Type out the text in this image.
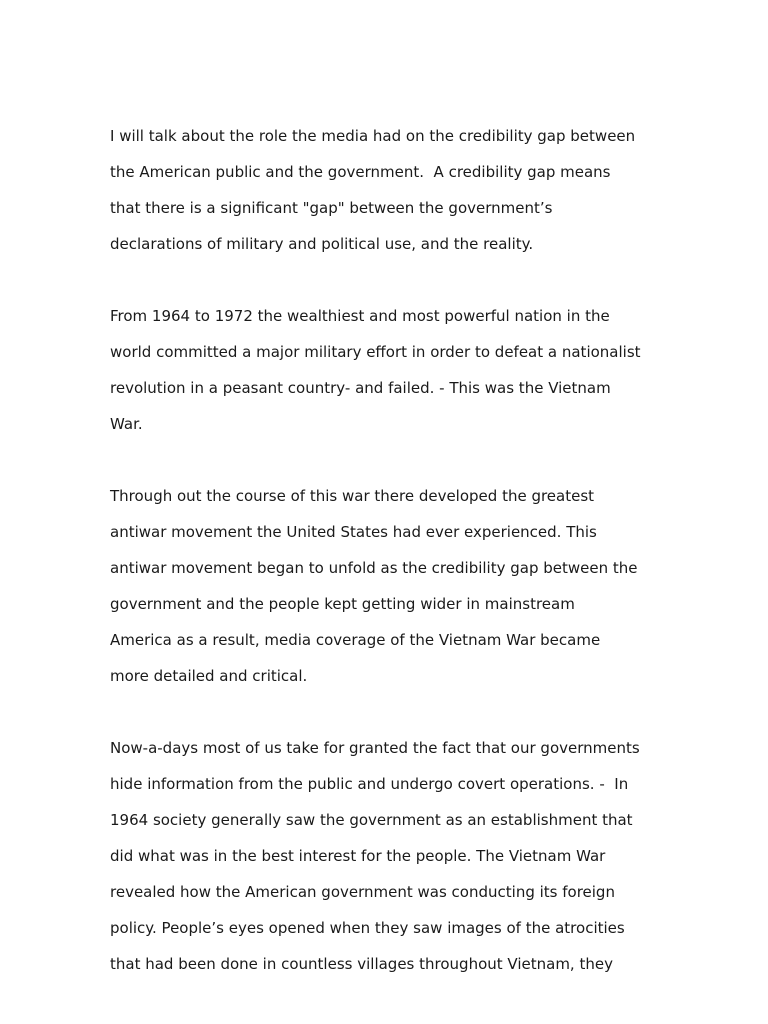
I will talk about the role the media had on the credibility gap between
the American public and the government.  A credibility gap means
that there is a significant "gap" between the government’s
declarations of military and political use, and the reality.

From 1964 to 1972 the wealthiest and most powerful nation in the
world committed a major military effort in order to defeat a nationalist
revolution in a peasant country- and failed. - This was the Vietnam
War.

Through out the course of this war there developed the greatest
antiwar movement the United States had ever experienced. This
antiwar movement began to unfold as the credibility gap between the
government and the people kept getting wider in mainstream
America as a result, media coverage of the Vietnam War became
more detailed and critical.

Now-a-days most of us take for granted the fact that our governments
hide information from the public and undergo covert operations. -  In
1964 society generally saw the government as an establishment that
did what was in the best interest for the people. The Vietnam War
revealed how the American government was conducting its foreign
policy. People’s eyes opened when they saw images of the atrocities
that had been done in countless villages throughout Vietnam, they
